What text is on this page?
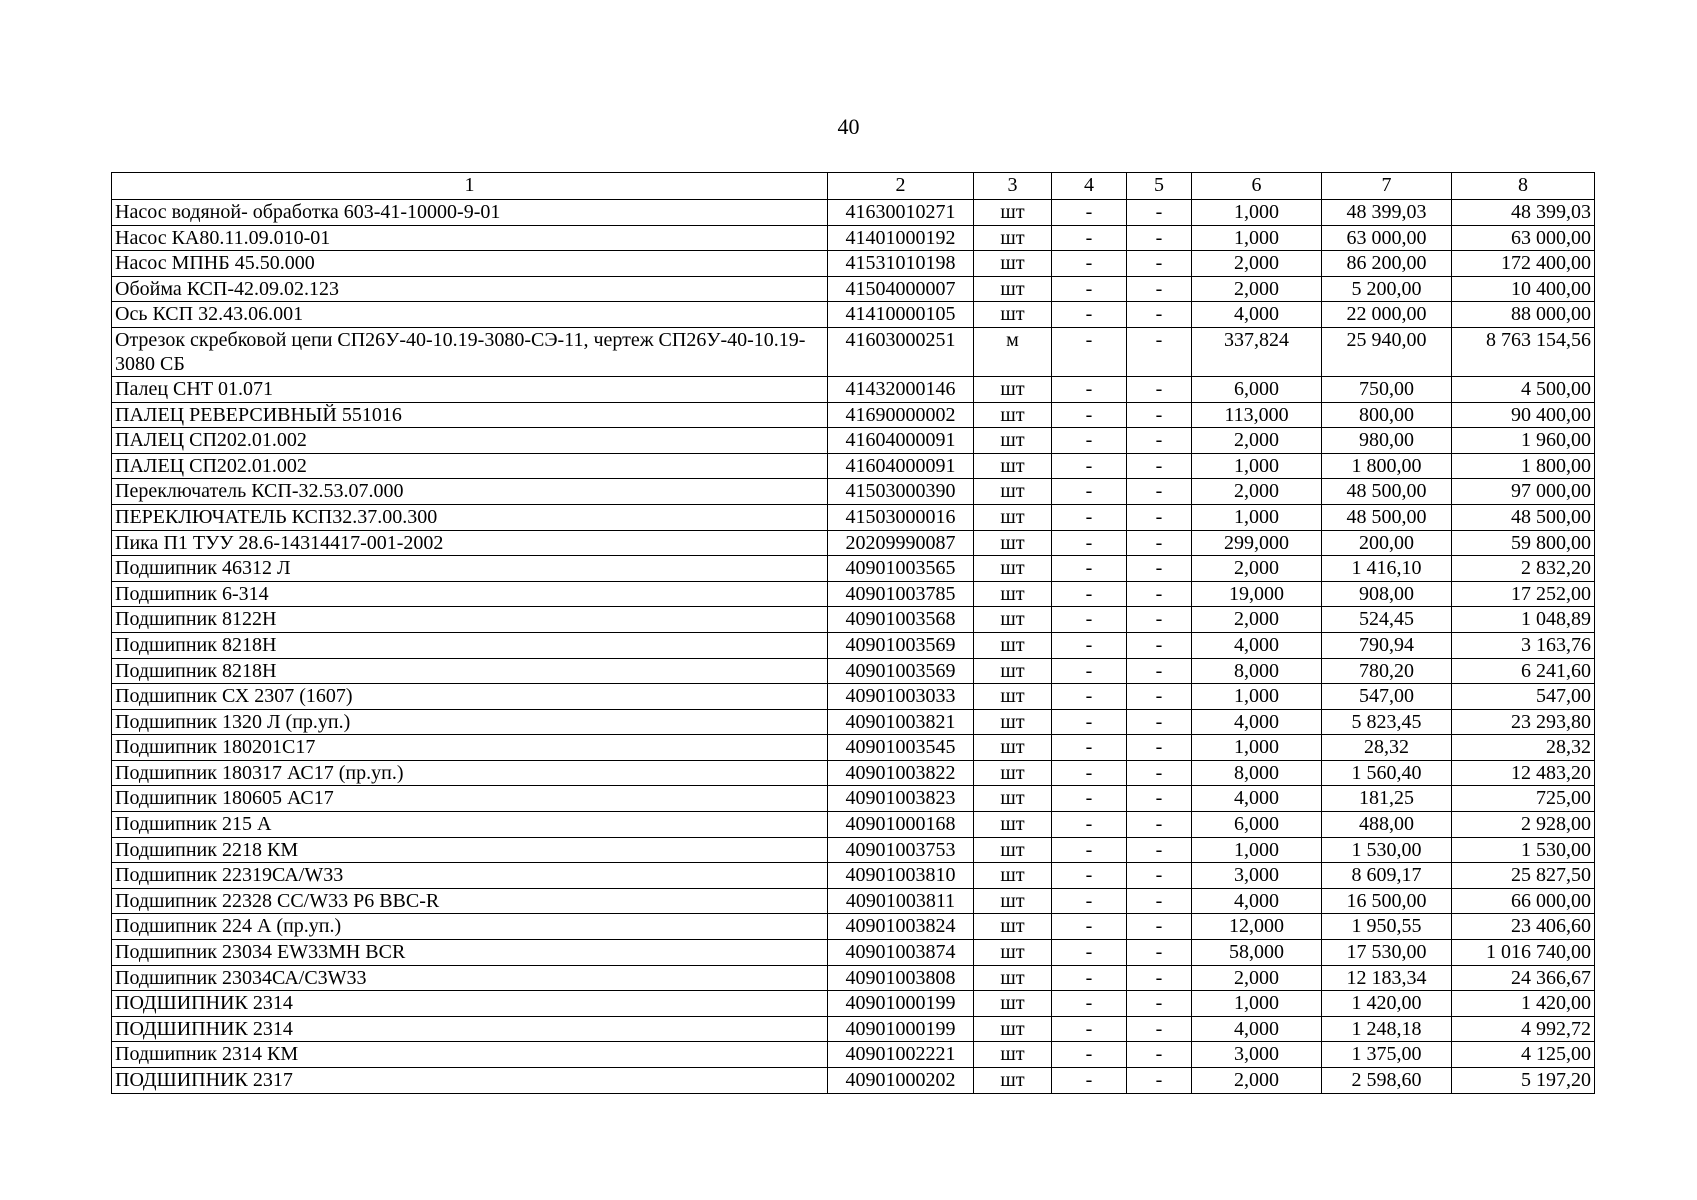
40
1	2	3	4	5	6	7	8
Насос водяной- обработка 603-41-10000-9-01	41630010271	шт	-	-	1,000	48 399,03	48 399,03
Насос КА80.11.09.010-01	41401000192	шт	-	-	1,000	63 000,00	63 000,00
Насос МПНБ 45.50.000	41531010198	шт	-	-	2,000	86 200,00	172 400,00
Обойма КСП-42.09.02.123	41504000007	шт	-	-	2,000	5 200,00	10 400,00
Ось КСП 32.43.06.001	41410000105	шт	-	-	4,000	22 000,00	88 000,00
Отрезок скребковой цепи СП26У-40-10.19-3080-СЭ-11, чертеж СП26У-40-10.19-3080 СБ	41603000251	м	-	-	337,824	25 940,00	8 763 154,56
Палец СНТ 01.071	41432000146	шт	-	-	6,000	750,00	4 500,00
ПАЛЕЦ РЕВЕРСИВНЫЙ 551016	41690000002	шт	-	-	113,000	800,00	90 400,00
ПАЛЕЦ СП202.01.002	41604000091	шт	-	-	2,000	980,00	1 960,00
ПАЛЕЦ СП202.01.002	41604000091	шт	-	-	1,000	1 800,00	1 800,00
Переключатель КСП-32.53.07.000	41503000390	шт	-	-	2,000	48 500,00	97 000,00
ПЕРЕКЛЮЧАТЕЛЬ КСП32.37.00.300	41503000016	шт	-	-	1,000	48 500,00	48 500,00
Пика П1 ТУУ 28.6-14314417-001-2002	20209990087	шт	-	-	299,000	200,00	59 800,00
Подшипник 46312 Л	40901003565	шт	-	-	2,000	1 416,10	2 832,20
Подшипник 6-314	40901003785	шт	-	-	19,000	908,00	17 252,00
Подшипник 8122Н	40901003568	шт	-	-	2,000	524,45	1 048,89
Подшипник 8218Н	40901003569	шт	-	-	4,000	790,94	3 163,76
Подшипник 8218Н	40901003569	шт	-	-	8,000	780,20	6 241,60
Подшипник СХ 2307 (1607)	40901003033	шт	-	-	1,000	547,00	547,00
Подшипник 1320 Л (пр.уп.)	40901003821	шт	-	-	4,000	5 823,45	23 293,80
Подшипник 180201С17	40901003545	шт	-	-	1,000	28,32	28,32
Подшипник 180317 АС17 (пр.уп.)	40901003822	шт	-	-	8,000	1 560,40	12 483,20
Подшипник 180605 АС17	40901003823	шт	-	-	4,000	181,25	725,00
Подшипник 215 А	40901000168	шт	-	-	6,000	488,00	2 928,00
Подшипник 2218 КМ	40901003753	шт	-	-	1,000	1 530,00	1 530,00
Подшипник 22319СА/W33	40901003810	шт	-	-	3,000	8 609,17	25 827,50
Подшипник 22328 СС/W33 Р6 ВВС-R	40901003811	шт	-	-	4,000	16 500,00	66 000,00
Подшипник 224 А (пр.уп.)	40901003824	шт	-	-	12,000	1 950,55	23 406,60
Подшипник 23034 EW33MH BCR	40901003874	шт	-	-	58,000	17 530,00	1 016 740,00
Подшипник 23034СА/С3W33	40901003808	шт	-	-	2,000	12 183,34	24 366,67
ПОДШИПНИК 2314	40901000199	шт	-	-	1,000	1 420,00	1 420,00
ПОДШИПНИК 2314	40901000199	шт	-	-	4,000	1 248,18	4 992,72
Подшипник 2314 КМ	40901002221	шт	-	-	3,000	1 375,00	4 125,00
ПОДШИПНИК 2317	40901000202	шт	-	-	2,000	2 598,60	5 197,20
